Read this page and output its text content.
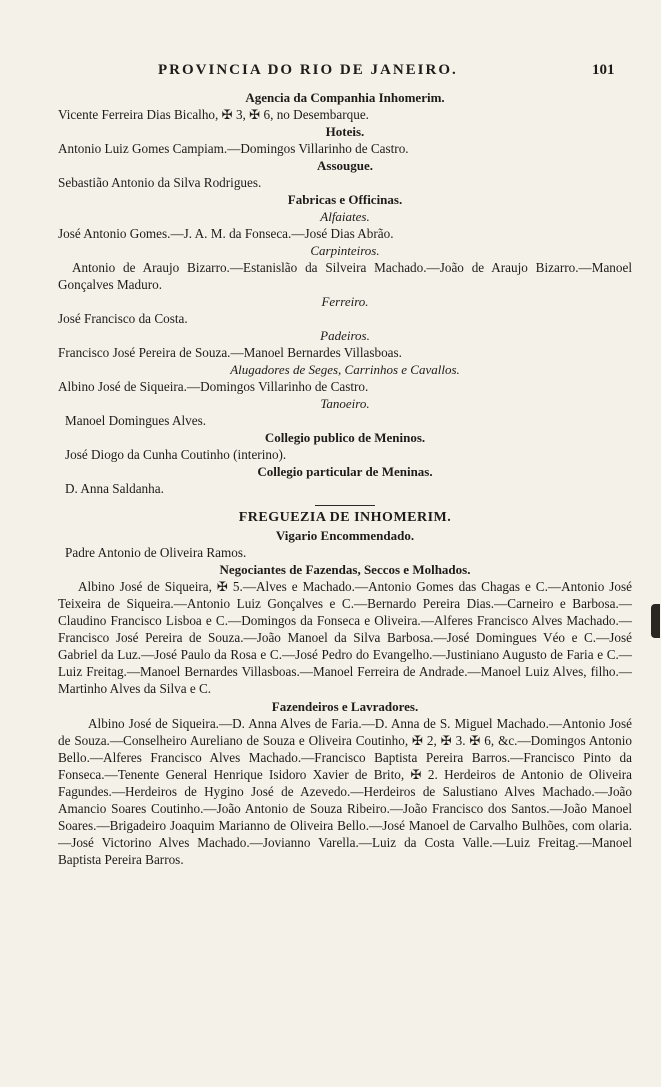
PROVINCIA DO RIO DE JANEIRO.	101

Agencia da Companhia Inhomerim.

Vicente Ferreira Dias Bicalho, ✠ 3, ✠ 6, no Desembarque.

Hoteis.

Antonio Luiz Gomes Campiam.—Domingos Villarinho de Castro.

Assougue.

Sebastião Antonio da Silva Rodrigues.

Fabricas e Officinas.

Alfaiates.

José Antonio Gomes.—J. A. M. da Fonseca.—José Dias Abrão.

Carpinteiros.

Antonio de Araujo Bizarro.—Estanislão da Silveira Machado.—João de Araujo Bizarro.—Manoel Gonçalves Maduro.

Ferreiro.

José Francisco da Costa.

Padeiros.

Francisco José Pereira de Souza.—Manoel Bernardes Villasboas.

Alugadores de Seges, Carrinhos e Cavallos.

Albino José de Siqueira.—Domingos Villarinho de Castro.

Tanoeiro.

Manoel Domingues Alves.

Collegio publico de Meninos.

José Diogo da Cunha Coutinho (interino).

Collegio particular de Meninas.

D. Anna Saldanha.

FREGUEZIA DE INHOMERIM.

Vigario Encommendado.

Padre Antonio de Oliveira Ramos.

Negociantes de Fazendas, Seccos e Molhados.

Albino José de Siqueira, ✠ 5.—Alves e Machado.—Antonio Gomes das Chagas e C.—Antonio José Teixeira de Siqueira.—Antonio Luiz Gonçalves e C.—Bernardo Pereira Dias.—Carneiro e Barbosa.—Claudino Francisco Lisboa e C.—Domingos da Fonseca e Oliveira.—Alferes Francisco Alves Machado.—Francisco José Pereira de Souza.—João Manoel da Silva Barbosa.—José Domingues Véo e C.—José Gabriel da Luz.—José Paulo da Rosa e C.—José Pedro do Evangelho.—Justiniano Augusto de Faria e C.—Luiz Freitag.—Manoel Bernardes Villasboas.—Manoel Ferreira de Andrade.—Manoel Luiz Alves, filho.—Martinho Alves da Silva e C.

Fazendeiros e Lavradores.

Albino José de Siqueira.—D. Anna Alves de Faria.—D. Anna de S. Miguel Machado.—Antonio José de Souza.—Conselheiro Aureliano de Souza e Oliveira Coutinho, ✠ 2, ✠ 3. ✠ 6, &c.—Domingos Antonio Bello.—Alferes Francisco Alves Machado.—Francisco Baptista Pereira Barros.—Francisco Pinto da Fonseca.—Tenente General Henrique Isidoro Xavier de Brito, ✠ 2. Herdeiros de Antonio de Oliveira Fagundes.—Herdeiros de Hygino José de Azevedo.—Herdeiros de Salustiano Alves Machado.—João Amancio Soares Coutinho.—João Antonio de Souza Ribeiro.—João Francisco dos Santos.—João Manoel Soares.—Brigadeiro Joaquim Marianno de Oliveira Bello.—José Manoel de Carvalho Bulhões, com olaria.—José Victorino Alves Machado.—Jovianno Varella.—Luiz da Costa Valle.—Luiz Freitag.—Manoel Baptista Pereira Barros.
